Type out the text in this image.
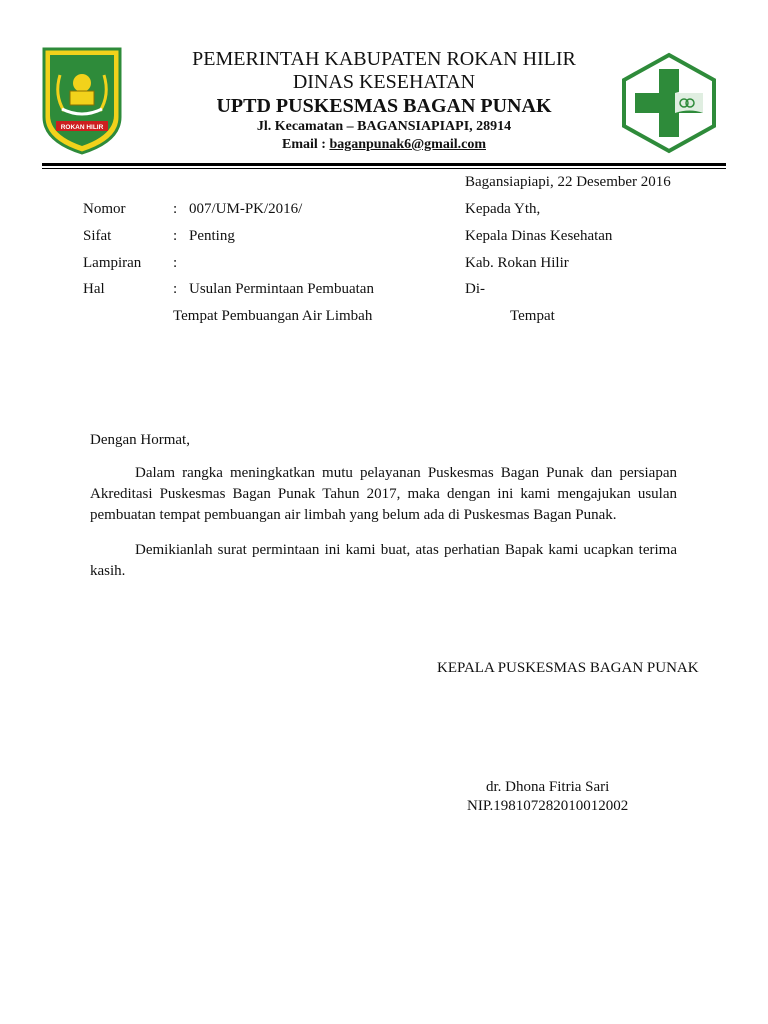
ROKAN HILIR
PEMERINTAH KABUPATEN ROKAN HILIR
DINAS KESEHATAN
UPTD PUSKESMAS BAGAN PUNAK
Jl. Kecamatan – BAGANSIAPIAPI, 28914
Email : baganpunak6@gmail.com
Bagansiapiapi, 22 Desember 2016
Nomor	: 007/UM-PK/2016/
Sifat	: Penting
Lampiran :
Hal	: Usulan Permintaan Pembuatan
Tempat Pembuangan Air Limbah
Kepada Yth,
Kepala Dinas Kesehatan
Kab. Rokan Hilir
Di-
Tempat
Dengan Hormat,
Dalam rangka meningkatkan mutu pelayanan Puskesmas Bagan Punak dan persiapan Akreditasi Puskesmas Bagan Punak Tahun 2017, maka dengan ini kami mengajukan usulan pembuatan tempat pembuangan air limbah yang belum ada di Puskesmas Bagan Punak.
Demikianlah surat permintaan ini kami buat, atas perhatian Bapak kami ucapkan terima kasih.
KEPALA PUSKESMAS BAGAN PUNAK
dr. Dhona Fitria Sari
NIP.198107282010012002
